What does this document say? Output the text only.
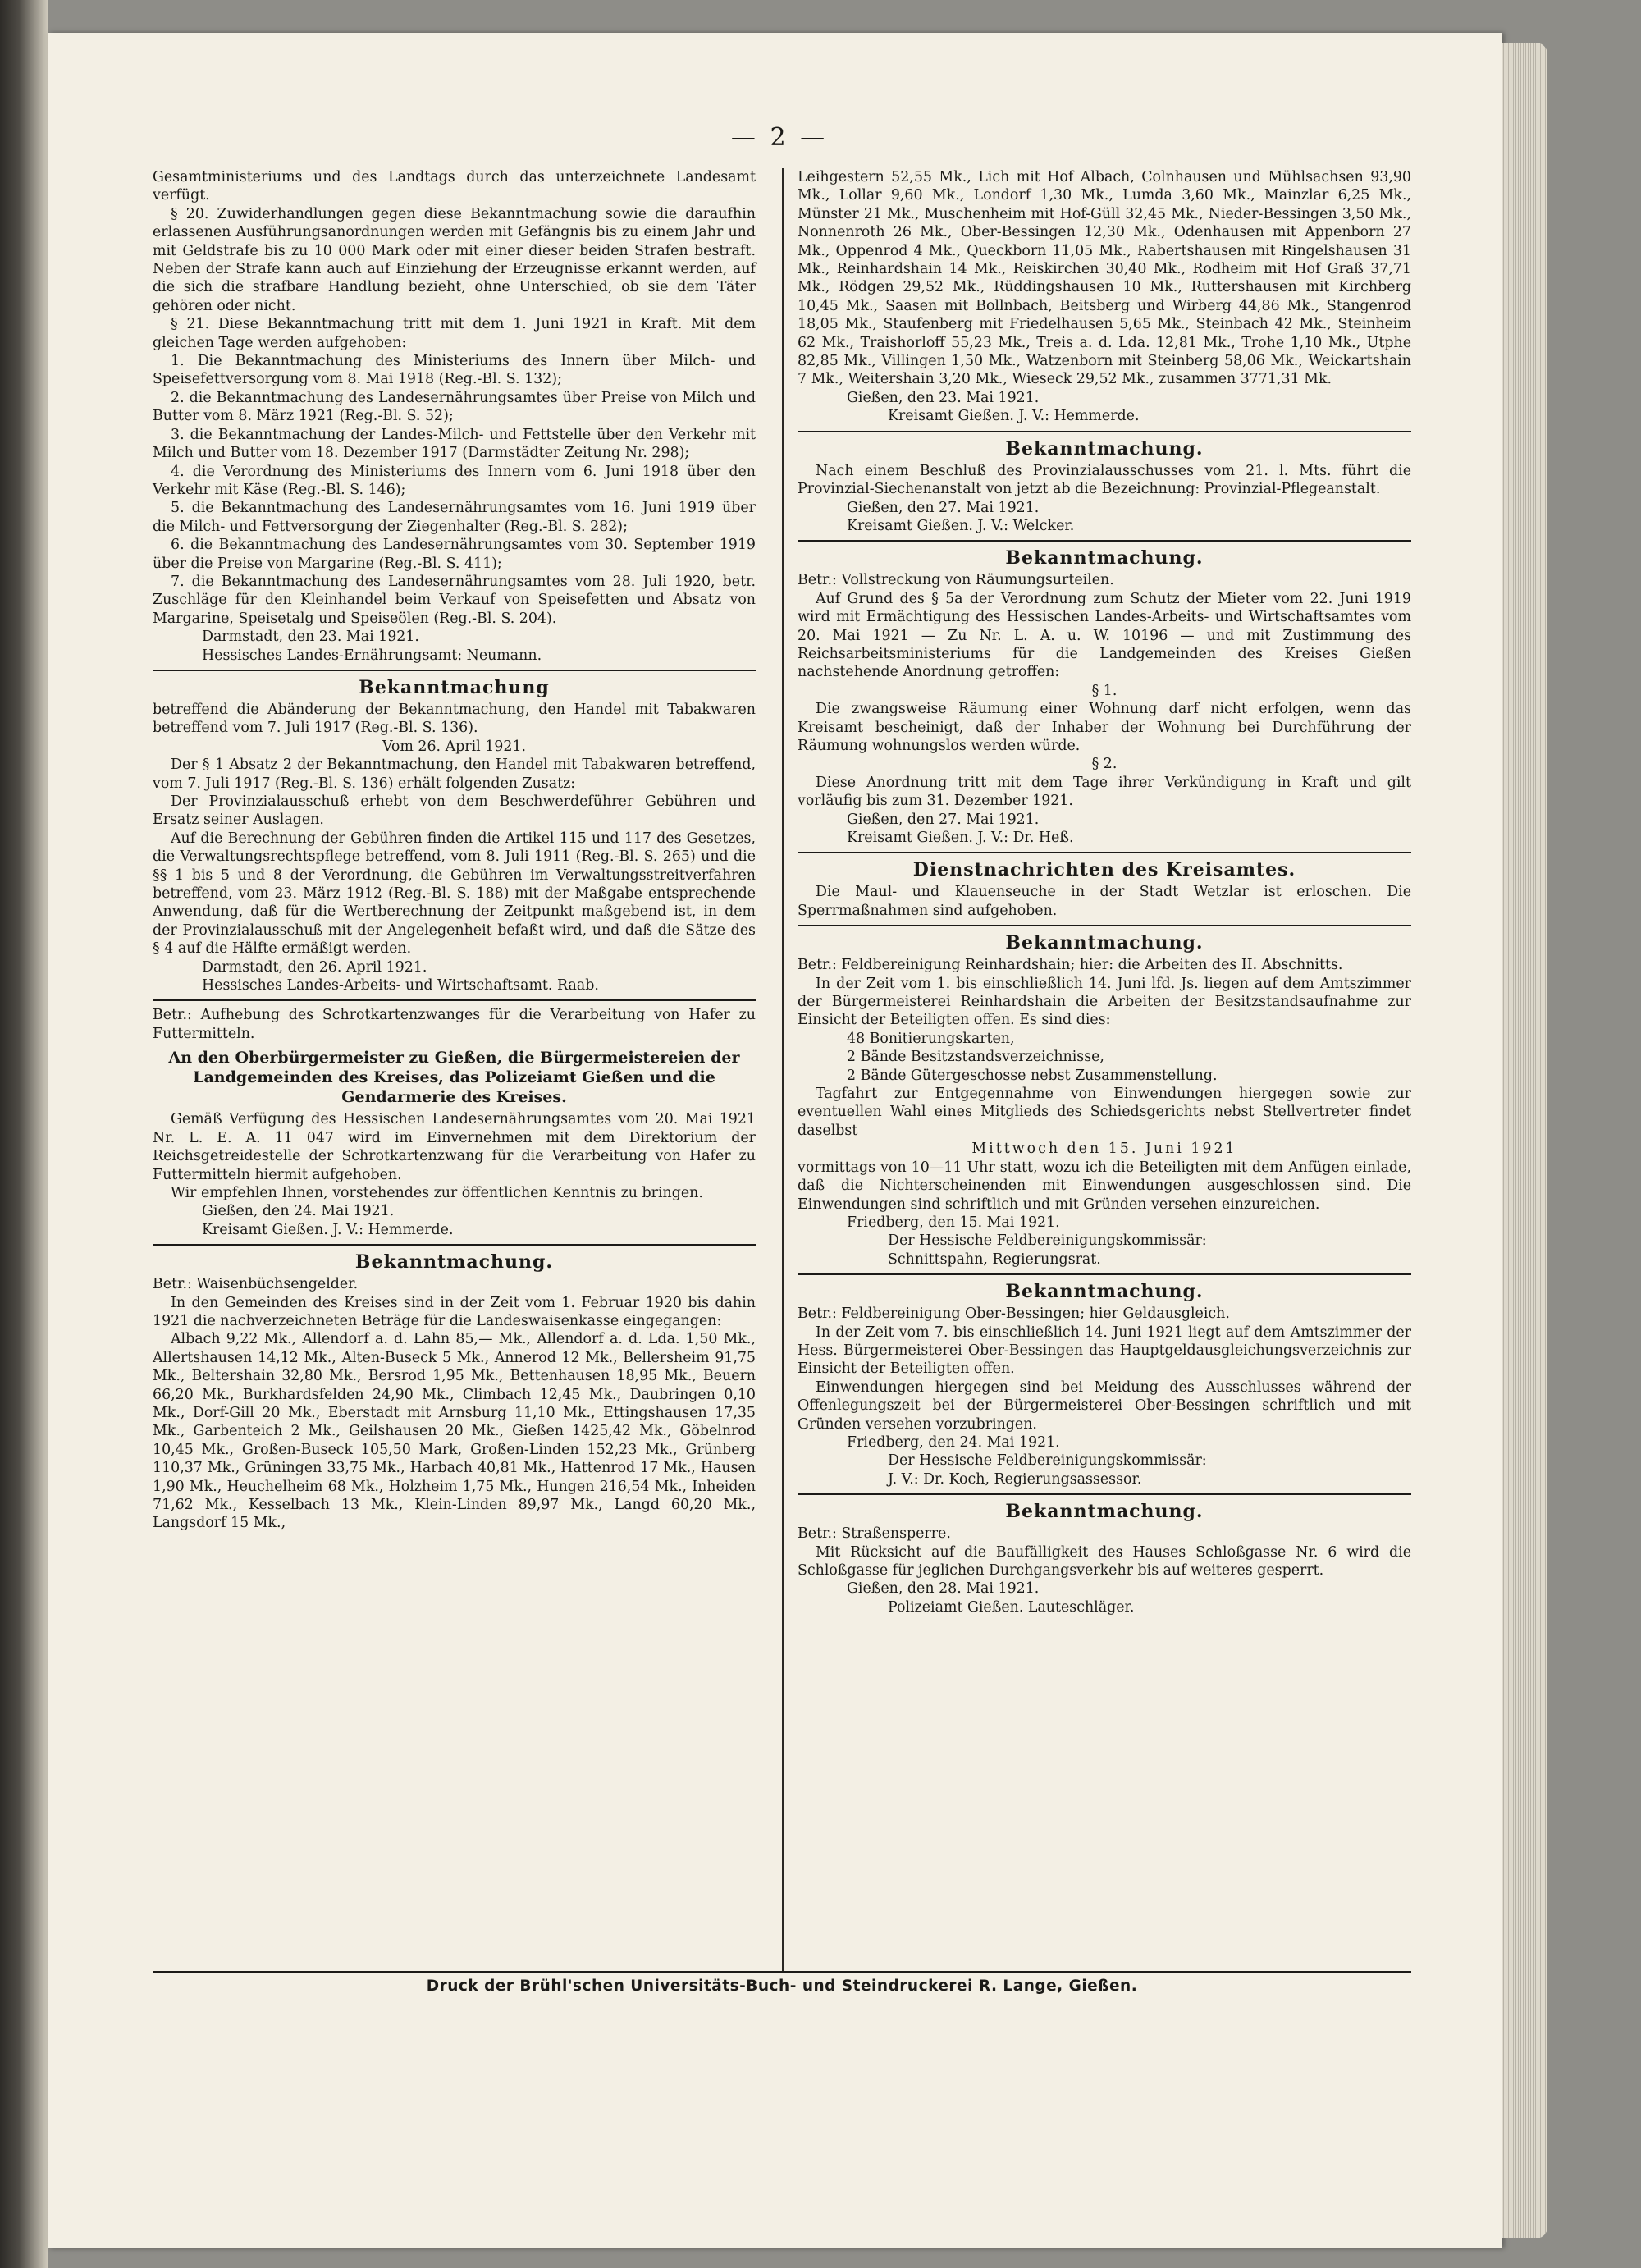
— 2 —

Gesamtministeriums und des Landtags durch das unterzeichnete Landesamt verfügt.

§ 20. Zuwiderhandlungen gegen diese Bekanntmachung sowie die daraufhin erlassenen Ausführungsanordnungen werden mit Gefängnis bis zu einem Jahr und mit Geldstrafe bis zu 10 000 Mark oder mit einer dieser beiden Strafen bestraft. Neben der Strafe kann auch auf Einziehung der Erzeugnisse erkannt werden, auf die sich die strafbare Handlung bezieht, ohne Unterschied, ob sie dem Täter gehören oder nicht.

§ 21. Diese Bekanntmachung tritt mit dem 1. Juni 1921 in Kraft. Mit dem gleichen Tage werden aufgehoben:

1. Die Bekanntmachung des Ministeriums des Innern über Milch- und Speisefettversorgung vom 8. Mai 1918 (Reg.-Bl. S. 132);

2. die Bekanntmachung des Landesernährungsamtes über Preise von Milch und Butter vom 8. März 1921 (Reg.-Bl. S. 52);

3. die Bekanntmachung der Landes-Milch- und Fettstelle über den Verkehr mit Milch und Butter vom 18. Dezember 1917 (Darmstädter Zeitung Nr. 298);

4. die Verordnung des Ministeriums des Innern vom 6. Juni 1918 über den Verkehr mit Käse (Reg.-Bl. S. 146);

5. die Bekanntmachung des Landesernährungsamtes vom 16. Juni 1919 über die Milch- und Fettversorgung der Ziegenhalter (Reg.-Bl. S. 282);

6. die Bekanntmachung des Landesernährungsamtes vom 30. September 1919 über die Preise von Margarine (Reg.-Bl. S. 411);

7. die Bekanntmachung des Landesernährungsamtes vom 28. Juli 1920, betr. Zuschläge für den Kleinhandel beim Verkauf von Speisefetten und Absatz von Margarine, Speisetalg und Speiseölen (Reg.-Bl. S. 204).

Darmstadt, den 23. Mai 1921.

Hessisches Landes-Ernährungsamt: Neumann.

Bekanntmachung

betreffend die Abänderung der Bekanntmachung, den Handel mit Tabakwaren betreffend vom 7. Juli 1917 (Reg.-Bl. S. 136).

Vom 26. April 1921.

Der § 1 Absatz 2 der Bekanntmachung, den Handel mit Tabakwaren betreffend, vom 7. Juli 1917 (Reg.-Bl. S. 136) erhält folgenden Zusatz:

Der Provinzialausschuß erhebt von dem Beschwerdeführer Gebühren und Ersatz seiner Auslagen.

Auf die Berechnung der Gebühren finden die Artikel 115 und 117 des Gesetzes, die Verwaltungsrechtspflege betreffend, vom 8. Juli 1911 (Reg.-Bl. S. 265) und die §§ 1 bis 5 und 8 der Verordnung, die Gebühren im Verwaltungsstreitverfahren betreffend, vom 23. März 1912 (Reg.-Bl. S. 188) mit der Maßgabe entsprechende Anwendung, daß für die Wertberechnung der Zeitpunkt maßgebend ist, in dem der Provinzialausschuß mit der Angelegenheit befaßt wird, und daß die Sätze des § 4 auf die Hälfte ermäßigt werden.

Darmstadt, den 26. April 1921.

Hessisches Landes-Arbeits- und Wirtschaftsamt. Raab.

Betr.: Aufhebung des Schrotkartenzwanges für die Verarbeitung von Hafer zu Futtermitteln.

An den Oberbürgermeister zu Gießen, die Bürgermeistereien der Landgemeinden des Kreises, das Polizeiamt Gießen und die Gendarmerie des Kreises.

Gemäß Verfügung des Hessischen Landesernährungsamtes vom 20. Mai 1921 Nr. L. E. A. 11 047 wird im Einvernehmen mit dem Direktorium der Reichsgetreidestelle der Schrotkartenzwang für die Verarbeitung von Hafer zu Futtermitteln hiermit aufgehoben.

Wir empfehlen Ihnen, vorstehendes zur öffentlichen Kenntnis zu bringen.

Gießen, den 24. Mai 1921.

Kreisamt Gießen. J. V.: Hemmerde.

Bekanntmachung.

Betr.: Waisenbüchsengelder.

In den Gemeinden des Kreises sind in der Zeit vom 1. Februar 1920 bis dahin 1921 die nachverzeichneten Beträge für die Landeswaisenkasse eingegangen:

Albach 9,22 Mk., Allendorf a. d. Lahn 85,— Mk., Allendorf a. d. Lda. 1,50 Mk., Allertshausen 14,12 Mk., Alten-Buseck 5 Mk., Annerod 12 Mk., Bellersheim 91,75 Mk., Beltershain 32,80 Mk., Bersrod 1,95 Mk., Bettenhausen 18,95 Mk., Beuern 66,20 Mk., Burkhardsfelden 24,90 Mk., Climbach 12,45 Mk., Daubringen 0,10 Mk., Dorf-Gill 20 Mk., Eberstadt mit Arnsburg 11,10 Mk., Ettingshausen 17,35 Mk., Garbenteich 2 Mk., Geilshausen 20 Mk., Gießen 1425,42 Mk., Göbelnrod 10,45 Mk., Großen-Buseck 105,50 Mark, Großen-Linden 152,23 Mk., Grünberg 110,37 Mk., Grüningen 33,75 Mk., Harbach 40,81 Mk., Hattenrod 17 Mk., Hausen 1,90 Mk., Heuchelheim 68 Mk., Holzheim 1,75 Mk., Hungen 216,54 Mk., Inheiden 71,62 Mk., Kesselbach 13 Mk., Klein-Linden 89,97 Mk., Langd 60,20 Mk., Langsdorf 15 Mk.,

Leihgestern 52,55 Mk., Lich mit Hof Albach, Colnhausen und Mühlsachsen 93,90 Mk., Lollar 9,60 Mk., Londorf 1,30 Mk., Lumda 3,60 Mk., Mainzlar 6,25 Mk., Münster 21 Mk., Muschenheim mit Hof-Güll 32,45 Mk., Nieder-Bessingen 3,50 Mk., Nonnenroth 26 Mk., Ober-Bessingen 12,30 Mk., Odenhausen mit Appenborn 27 Mk., Oppenrod 4 Mk., Queckborn 11,05 Mk., Rabertshausen mit Ringelshausen 31 Mk., Reinhardshain 14 Mk., Reiskirchen 30,40 Mk., Rodheim mit Hof Graß 37,71 Mk., Rödgen 29,52 Mk., Rüddingshausen 10 Mk., Ruttershausen mit Kirchberg 10,45 Mk., Saasen mit Bollnbach, Beitsberg und Wirberg 44,86 Mk., Stangenrod 18,05 Mk., Staufenberg mit Friedelhausen 5,65 Mk., Steinbach 42 Mk., Steinheim 62 Mk., Traishorloff 55,23 Mk., Treis a. d. Lda. 12,81 Mk., Trohe 1,10 Mk., Utphe 82,85 Mk., Villingen 1,50 Mk., Watzenborn mit Steinberg 58,06 Mk., Weickartshain 7 Mk., Weitershain 3,20 Mk., Wieseck 29,52 Mk., zusammen 3771,31 Mk.

Gießen, den 23. Mai 1921.

Kreisamt Gießen. J. V.: Hemmerde.

Bekanntmachung.

Nach einem Beschluß des Provinzialausschusses vom 21. l. Mts. führt die Provinzial-Siechenanstalt von jetzt ab die Bezeichnung: Provinzial-Pflegeanstalt.

Gießen, den 27. Mai 1921.

Kreisamt Gießen. J. V.: Welcker.

Bekanntmachung.

Betr.: Vollstreckung von Räumungsurteilen.

Auf Grund des § 5a der Verordnung zum Schutz der Mieter vom 22. Juni 1919 wird mit Ermächtigung des Hessischen Landes-Arbeits- und Wirtschaftsamtes vom 20. Mai 1921 — Zu Nr. L. A. u. W. 10196 — und mit Zustimmung des Reichsarbeitsministeriums für die Landgemeinden des Kreises Gießen nachstehende Anordnung getroffen:

§ 1.

Die zwangsweise Räumung einer Wohnung darf nicht erfolgen, wenn das Kreisamt bescheinigt, daß der Inhaber der Wohnung bei Durchführung der Räumung wohnungslos werden würde.

§ 2.

Diese Anordnung tritt mit dem Tage ihrer Verkündigung in Kraft und gilt vorläufig bis zum 31. Dezember 1921.

Gießen, den 27. Mai 1921.

Kreisamt Gießen. J. V.: Dr. Heß.

Dienstnachrichten des Kreisamtes.

Die Maul- und Klauenseuche in der Stadt Wetzlar ist erloschen. Die Sperrmaßnahmen sind aufgehoben.

Bekanntmachung.

Betr.: Feldbereinigung Reinhardshain; hier: die Arbeiten des II. Abschnitts.

In der Zeit vom 1. bis einschließlich 14. Juni lfd. Js. liegen auf dem Amtszimmer der Bürgermeisterei Reinhardshain die Arbeiten der Besitzstandsaufnahme zur Einsicht der Beteiligten offen. Es sind dies:

48 Bonitierungskarten,

2 Bände Besitzstandsverzeichnisse,

2 Bände Gütergeschosse nebst Zusammenstellung.

Tagfahrt zur Entgegennahme von Einwendungen hiergegen sowie zur eventuellen Wahl eines Mitglieds des Schiedsgerichts nebst Stellvertreter findet daselbst

Mittwoch den 15. Juni 1921

vormittags von 10—11 Uhr statt, wozu ich die Beteiligten mit dem Anfügen einlade, daß die Nichterscheinenden mit Einwendungen ausgeschlossen sind. Die Einwendungen sind schriftlich und mit Gründen versehen einzureichen.

Friedberg, den 15. Mai 1921.

Der Hessische Feldbereinigungskommissär:

Schnittspahn, Regierungsrat.

Bekanntmachung.

Betr.: Feldbereinigung Ober-Bessingen; hier Geldausgleich.

In der Zeit vom 7. bis einschließlich 14. Juni 1921 liegt auf dem Amtszimmer der Hess. Bürgermeisterei Ober-Bessingen das Hauptgeldausgleichungsverzeichnis zur Einsicht der Beteiligten offen.

Einwendungen hiergegen sind bei Meidung des Ausschlusses während der Offenlegungszeit bei der Bürgermeisterei Ober-Bessingen schriftlich und mit Gründen versehen vorzubringen.

Friedberg, den 24. Mai 1921.

Der Hessische Feldbereinigungskommissär:

J. V.: Dr. Koch, Regierungsassessor.

Bekanntmachung.

Betr.: Straßensperre.

Mit Rücksicht auf die Baufälligkeit des Hauses Schloßgasse Nr. 6 wird die Schloßgasse für jeglichen Durchgangsverkehr bis auf weiteres gesperrt.

Gießen, den 28. Mai 1921.

Polizeiamt Gießen. Lauteschläger.

Druck der Brühl'schen Universitäts-Buch- und Steindruckerei R. Lange, Gießen.
